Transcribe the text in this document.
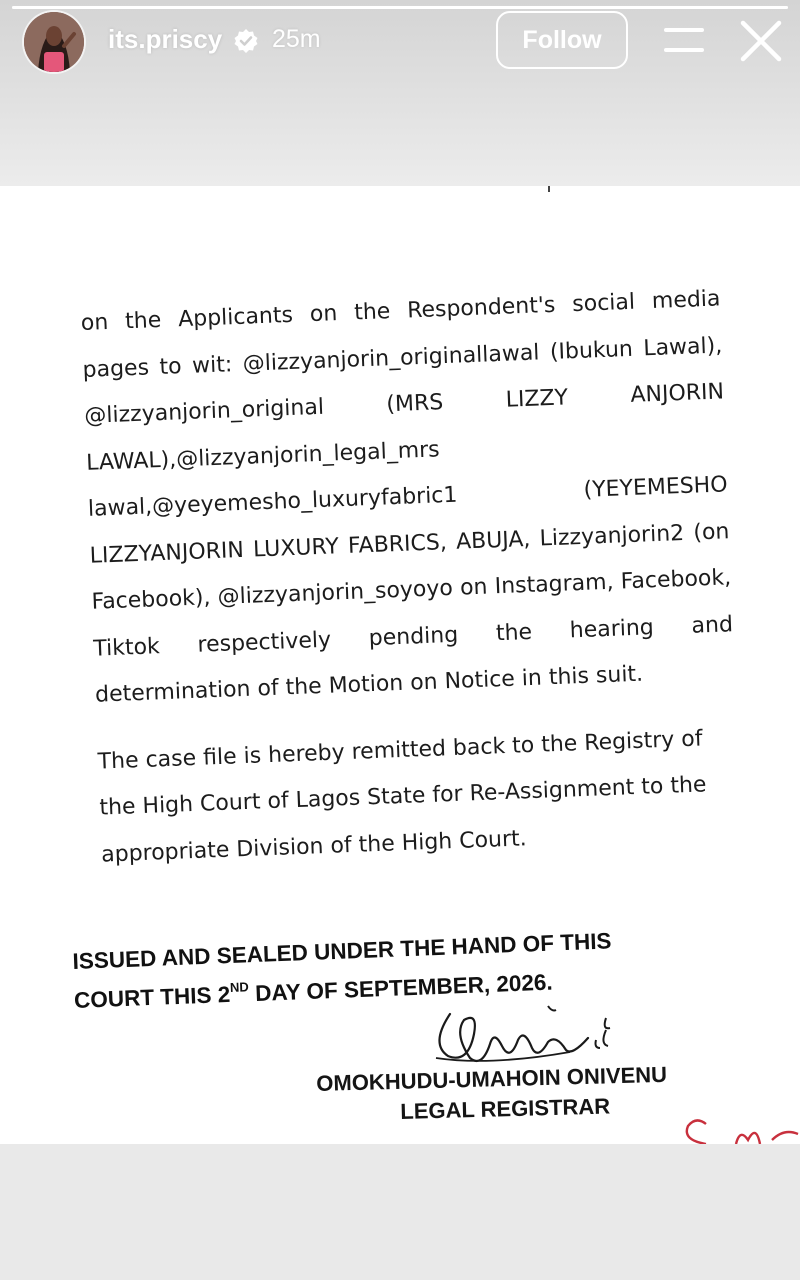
its.priscy 25m	Follow

on the Applicants on the Respondent's social media pages to wit: @lizzyanjorin_originallawal (Ibukun Lawal), @lizzyanjorin_original (MRS LIZZY ANJORIN LAWAL),@lizzyanjorin_legal_mrs lawal,@yeyemesho_luxuryfabric1 (YEYEMESHO LIZZYANJORIN LUXURY FABRICS, ABUJA, Lizzyanjorin2 (on Facebook), @lizzyanjorin_soyoyo on Instagram, Facebook, Tiktok respectively pending the hearing and determination of the Motion on Notice in this suit.

The case file is hereby remitted back to the Registry of the High Court of Lagos State for Re-Assignment to the appropriate Division of the High Court.

ISSUED AND SEALED UNDER THE HAND OF THIS
COURT THIS 2ND DAY OF SEPTEMBER, 2026.
OMOKHUDU-UMAHOIN ONIVENU
LEGAL REGISTRAR
